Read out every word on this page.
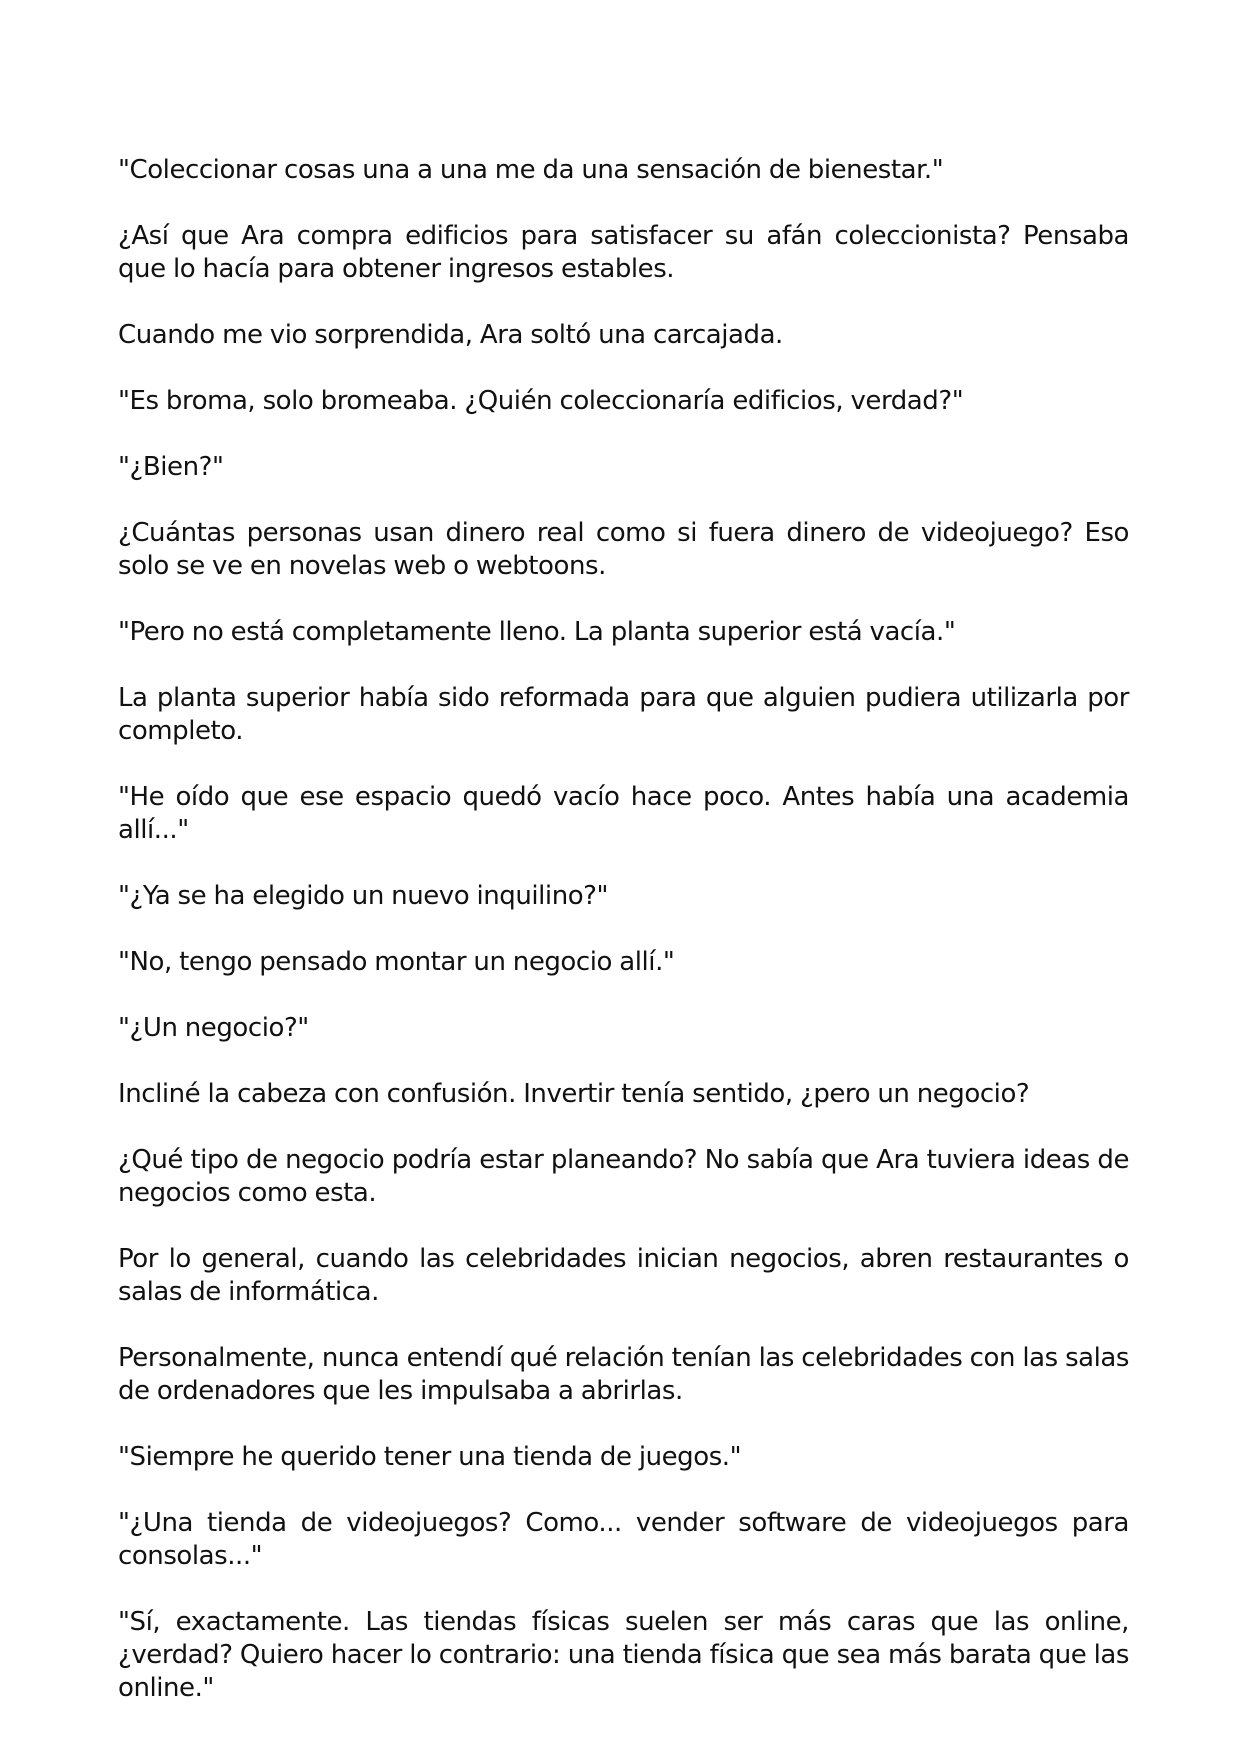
"Coleccionar cosas una a una me da una sensación de bienestar."

¿Así que Ara compra edificios para satisfacer su afán coleccionista? Pensaba que lo hacía para obtener ingresos estables.

Cuando me vio sorprendida, Ara soltó una carcajada.

"Es broma, solo bromeaba. ¿Quién coleccionaría edificios, verdad?"

"¿Bien?"

¿Cuántas personas usan dinero real como si fuera dinero de videojuego? Eso solo se ve en novelas web o webtoons.

"Pero no está completamente lleno. La planta superior está vacía."

La planta superior había sido reformada para que alguien pudiera utilizarla por completo.

"He oído que ese espacio quedó vacío hace poco. Antes había una academia allí..."

"¿Ya se ha elegido un nuevo inquilino?"

"No, tengo pensado montar un negocio allí."

"¿Un negocio?"

Incliné la cabeza con confusión. Invertir tenía sentido, ¿pero un negocio?

¿Qué tipo de negocio podría estar planeando? No sabía que Ara tuviera ideas de negocios como esta.

Por lo general, cuando las celebridades inician negocios, abren restaurantes o salas de informática.

Personalmente, nunca entendí qué relación tenían las celebridades con las salas de ordenadores que les impulsaba a abrirlas.

"Siempre he querido tener una tienda de juegos."

"¿Una tienda de videojuegos? Como... vender software de videojuegos para consolas..."

"Sí, exactamente. Las tiendas físicas suelen ser más caras que las online, ¿verdad? Quiero hacer lo contrario: una tienda física que sea más barata que las online."
